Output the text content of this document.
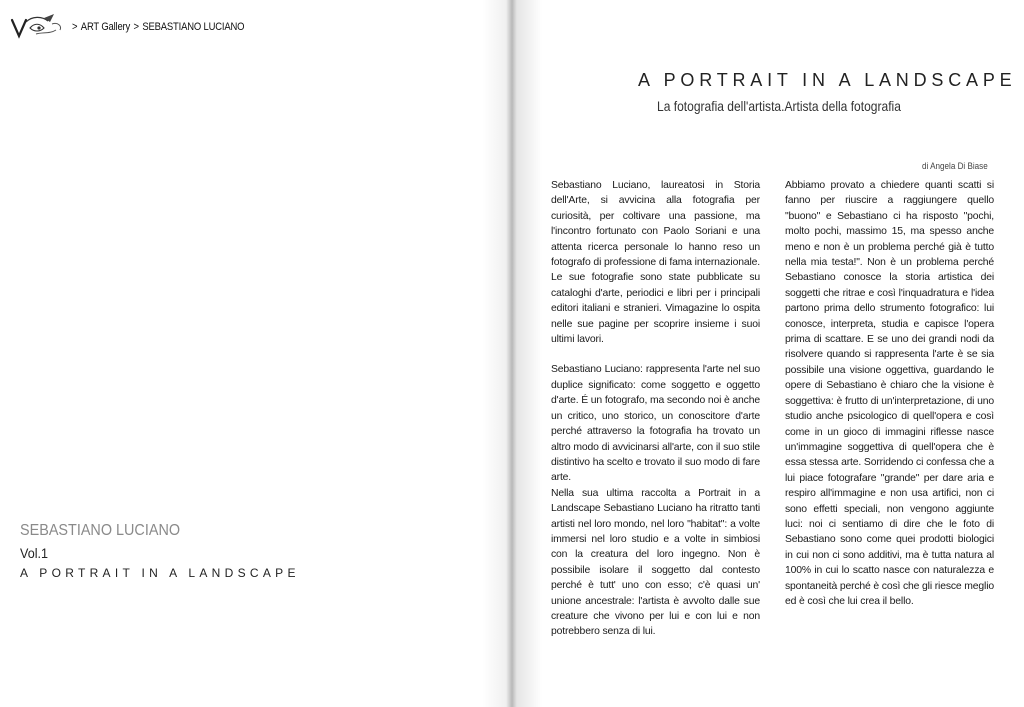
> ART Gallery > SEBASTIANO LUCIANO
SEBASTIANO LUCIANO
Vol.1
A PORTRAIT IN A LANDSCAPE
A PORTRAIT IN A LANDSCAPE
La fotografia dell'artista.Artista della fotografia
di Angela Di Biase

Sebastiano Luciano, laureatosi in Storia dell'Arte, si avvicina alla fotografia per curiosità, per coltivare una passione, ma l'incontro fortunato con Paolo Soriani e una attenta ricerca personale lo hanno reso un fotografo di professione di fama internazionale. Le sue fotografie sono state pubblicate su cataloghi d'arte, periodici e libri per i principali editori italiani e stranieri. Vimagazine lo ospita nelle sue pagine per scoprire insieme i suoi ultimi lavori.

Sebastiano Luciano: rappresenta l'arte nel suo duplice significato: come soggetto e oggetto d'arte. É un fotografo, ma secondo noi è anche un critico, uno storico, un conoscitore d'arte perché attraverso la fotografia ha trovato un altro modo di avvicinarsi all'arte, con il suo stile distintivo ha scelto e trovato il suo modo di fare arte.

Nella sua ultima raccolta a Portrait in a Landscape Sebastiano Luciano ha ritratto tanti artisti nel loro mondo, nel loro "habitat": a volte immersi nel loro studio e a volte in simbiosi con la creatura del loro ingegno. Non è possibile isolare il soggetto dal contesto perché è tutt' uno con esso; c'è quasi un' unione ancestrale: l'artista è avvolto dalle sue creature che vivono per lui e con lui e non potrebbero senza di lui.

Abbiamo provato a chiedere quanti scatti si fanno per riuscire a raggiungere quello "buono" e Sebastiano ci ha risposto "pochi, molto pochi, massimo 15, ma spesso anche meno e non è un problema perché già è tutto nella mia testa!". Non è un problema perché Sebastiano conosce la storia artistica dei soggetti che ritrae e così l'inquadratura e l'idea partono prima dello strumento fotografico: lui conosce, interpreta, studia e capisce l'opera prima di scattare. E se uno dei grandi nodi da risolvere quando si rappresenta l'arte è se sia possibile una visione oggettiva, guardando le opere di Sebastiano è chiaro che la visione è soggettiva: è frutto di un'interpretazione, di uno studio anche psicologico di quell'opera e così come in un gioco di immagini riflesse nasce un'immagine soggettiva di quell'opera che è essa stessa arte. Sorridendo ci confessa che a lui piace fotografare "grande" per dare aria e respiro all'immagine e non usa artifici, non ci sono effetti speciali, non vengono aggiunte luci: noi ci sentiamo di dire che le foto di Sebastiano sono come quei prodotti biologici in cui non ci sono additivi, ma è tutta natura al 100% in cui lo scatto nasce con naturalezza e spontaneità perché è così che gli riesce meglio ed è così che lui crea il bello.
